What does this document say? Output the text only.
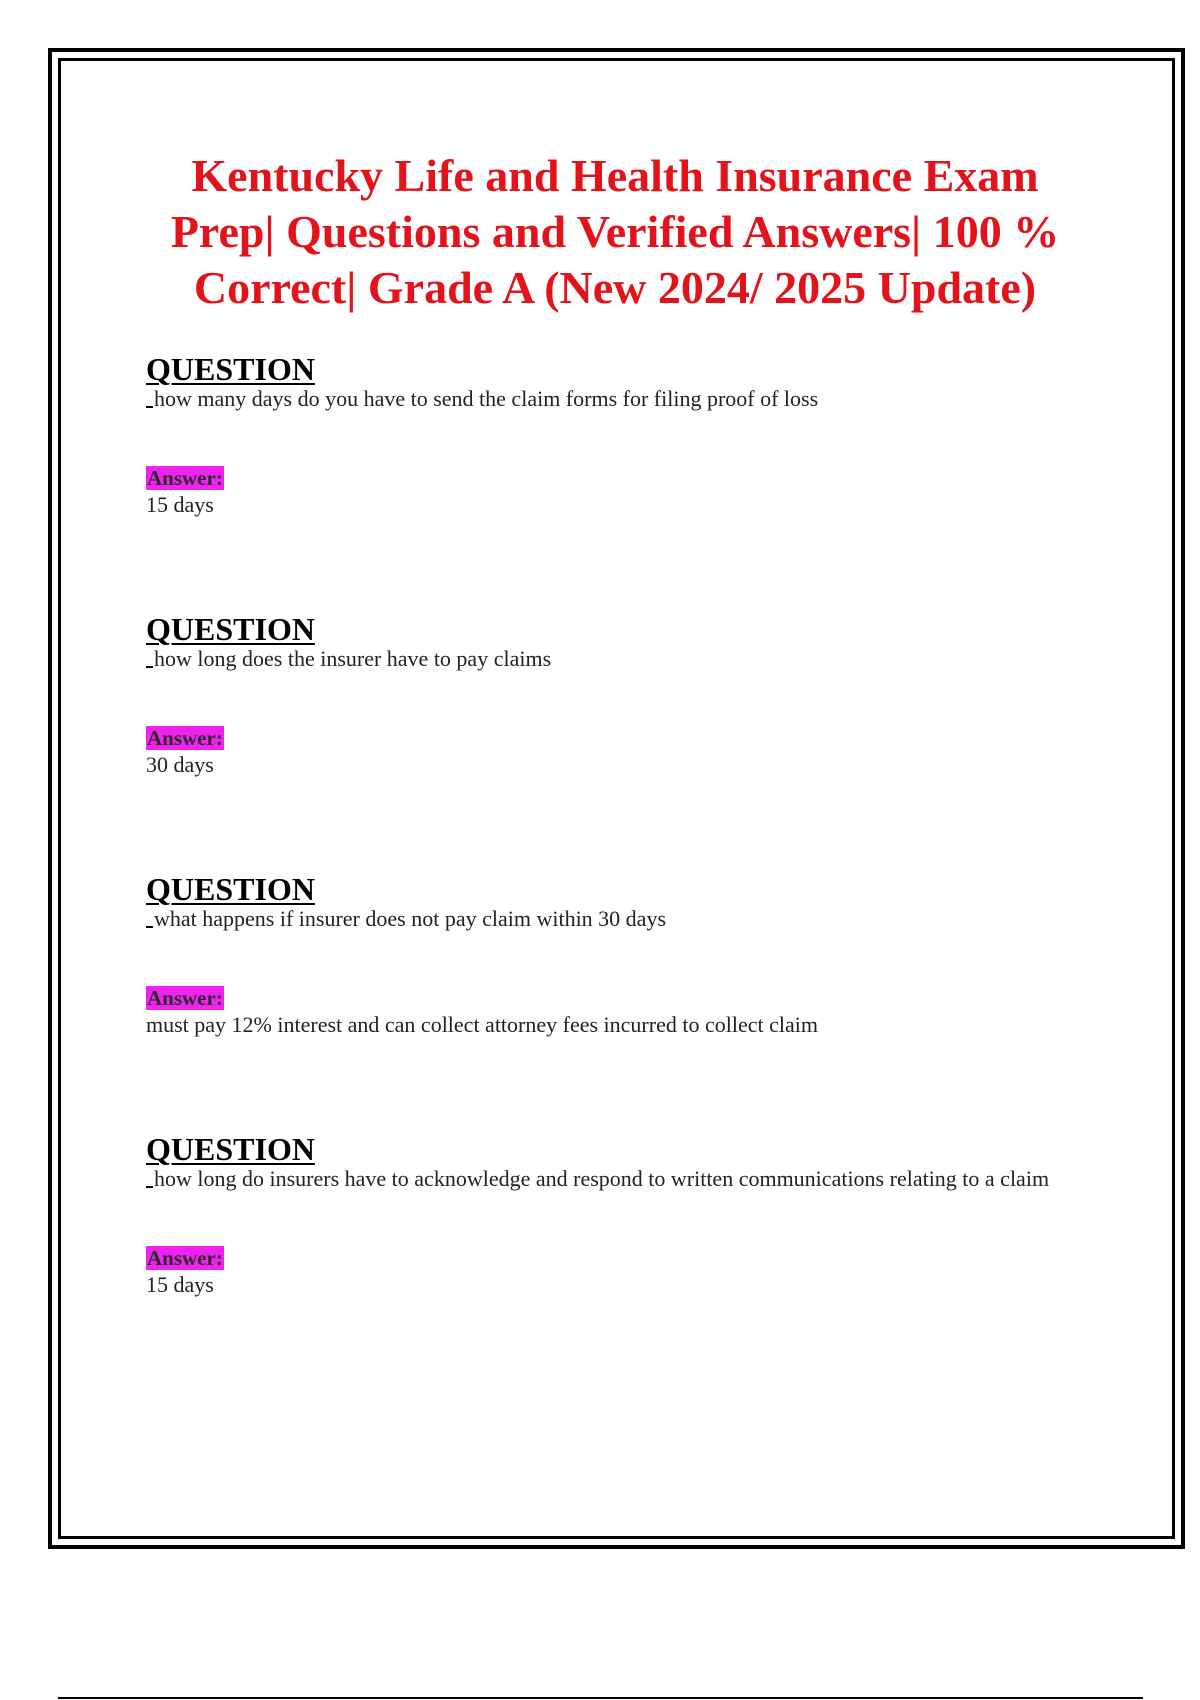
Kentucky Life and Health Insurance Exam Prep| Questions and Verified Answers| 100 % Correct| Grade A (New 2024/ 2025 Update)

QUESTION

how many days do you have to send the claim forms for filing proof of loss

Answer:

15 days

QUESTION

how long does the insurer have to pay claims

Answer:

30 days

QUESTION

what happens if insurer does not pay claim within 30 days

Answer:

must pay 12% interest and can collect attorney fees incurred to collect claim

QUESTION

how long do insurers have to acknowledge and respond to written communications relating to a claim

Answer:

15 days
